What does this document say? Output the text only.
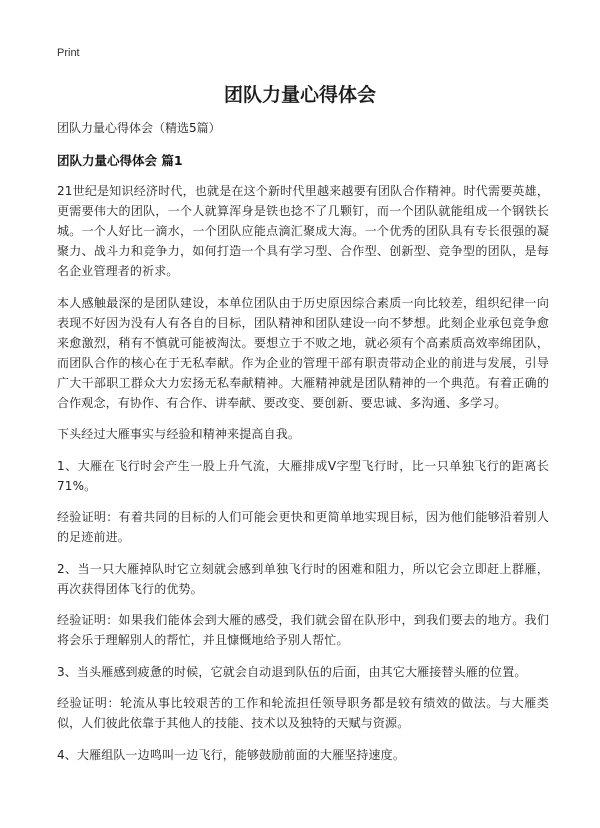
Print
团队力量心得体会
团队力量心得体会（精选5篇）
团队力量心得体会 篇1

21世纪是知识经济时代，也就是在这个新时代里越来越要有团队合作精神。时代需要英雄，更需要伟大的团队，一个人就算浑身是铁也捻不了几颗钉，而一个团队就能组成一个钢铁长城。一个人好比一滴水，一个团队应能点滴汇聚成大海。一个优秀的团队具有专长很强的凝聚力、战斗力和竞争力，如何打造一个具有学习型、合作型、创新型、竞争型的团队，是每名企业管理者的祈求。

本人感触最深的是团队建设，本单位团队由于历史原因综合素质一向比较差，组织纪律一向表现不好因为没有人有各自的目标，团队精神和团队建设一向不梦想。此刻企业承包竞争愈来愈激烈，稍有不慎就可能被淘汰。要想立于不败之地，就必须有个高素质高效率绵团队，而团队合作的核心在于无私奉献。作为企业的管理干部有职责带动企业的前进与发展，引导广大干部职工群众大力宏扬无私奉献精神。大雁精神就是团队精神的一个典范。有着正确的合作观念，有协作、有合作、讲奉献、要改变、要创新、要忠诚、多沟通、多学习。

下头经过大雁事实与经验和精神来提高自我。

1、大雁在飞行时会产生一股上升气流，大雁排成V字型飞行时，比一只单独飞行的距离长71%。

经验证明：有着共同的目标的人们可能会更快和更简单地实现目标，因为他们能够沿着别人的足迹前进。

2、当一只大雁掉队时它立刻就会感到单独飞行时的困难和阻力，所以它会立即赶上群雁，再次获得团体飞行的优势。

经验证明：如果我们能体会到大雁的感受，我们就会留在队形中，到我们要去的地方。我们将会乐于理解别人的帮忙，并且慷慨地给予别人帮忙。

3、当头雁感到疲惫的时候，它就会自动退到队伍的后面，由其它大雁接替头雁的位置。

经验证明：轮流从事比较艰苦的工作和轮流担任领导职务都是较有绩效的做法。与大雁类似，人们彼此依靠于其他人的技能、技术以及独特的天赋与资源。

4、大雁组队一边鸣叫一边飞行，能够鼓励前面的大雁坚持速度。
